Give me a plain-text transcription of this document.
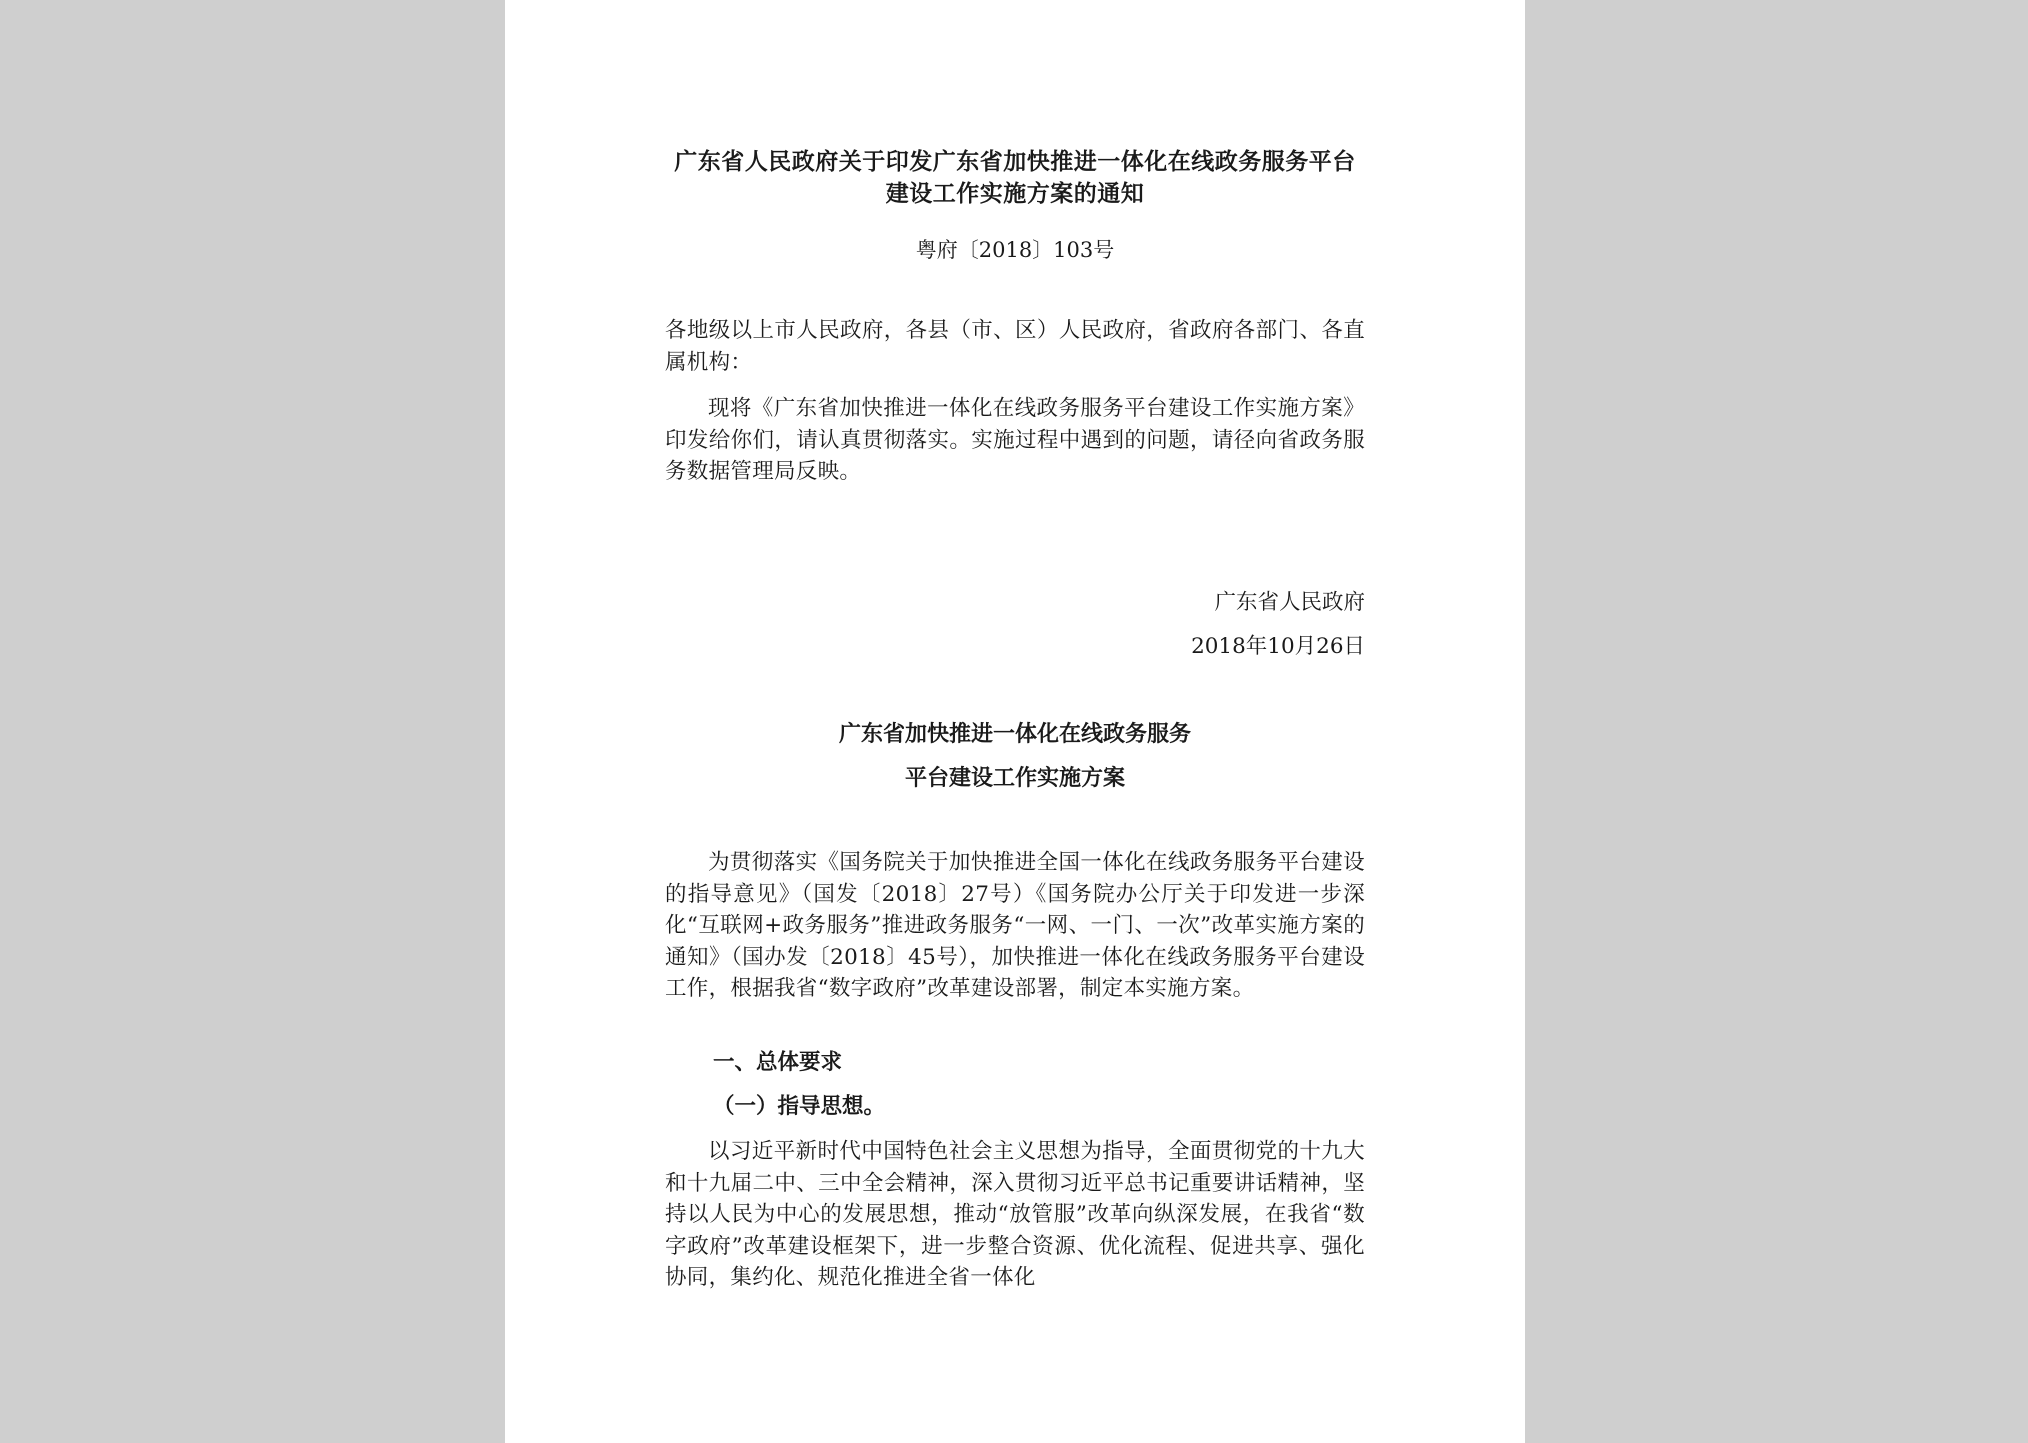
广东省人民政府关于印发广东省加快推进一体化在线政务服务平台
建设工作实施方案的通知
粤府〔2018〕103号
各地级以上市人民政府，各县（市、区）人民政府，省政府各部门、各直属机构：
现将《广东省加快推进一体化在线政务服务平台建设工作实施方案》印发给你们，请认真贯彻落实。实施过程中遇到的问题，请径向省政务服务数据管理局反映。
广东省人民政府
2018年10月26日
广东省加快推进一体化在线政务服务
平台建设工作实施方案
为贯彻落实《国务院关于加快推进全国一体化在线政务服务平台建设的指导意见》（国发〔2018〕27号）《国务院办公厅关于印发进一步深化“互联网+政务服务”推进政务服务“一网、一门、一次”改革实施方案的通知》（国办发〔2018〕45号），加快推进一体化在线政务服务平台建设工作，根据我省“数字政府”改革建设部署，制定本实施方案。
一、总体要求
（一）指导思想。
以习近平新时代中国特色社会主义思想为指导，全面贯彻党的十九大和十九届二中、三中全会精神，深入贯彻习近平总书记重要讲话精神，坚持以人民为中心的发展思想，推动“放管服”改革向纵深发展，在我省“数字政府”改革建设框架下，进一步整合资源、优化流程、促进共享、强化协同，集约化、规范化推进全省一体化
